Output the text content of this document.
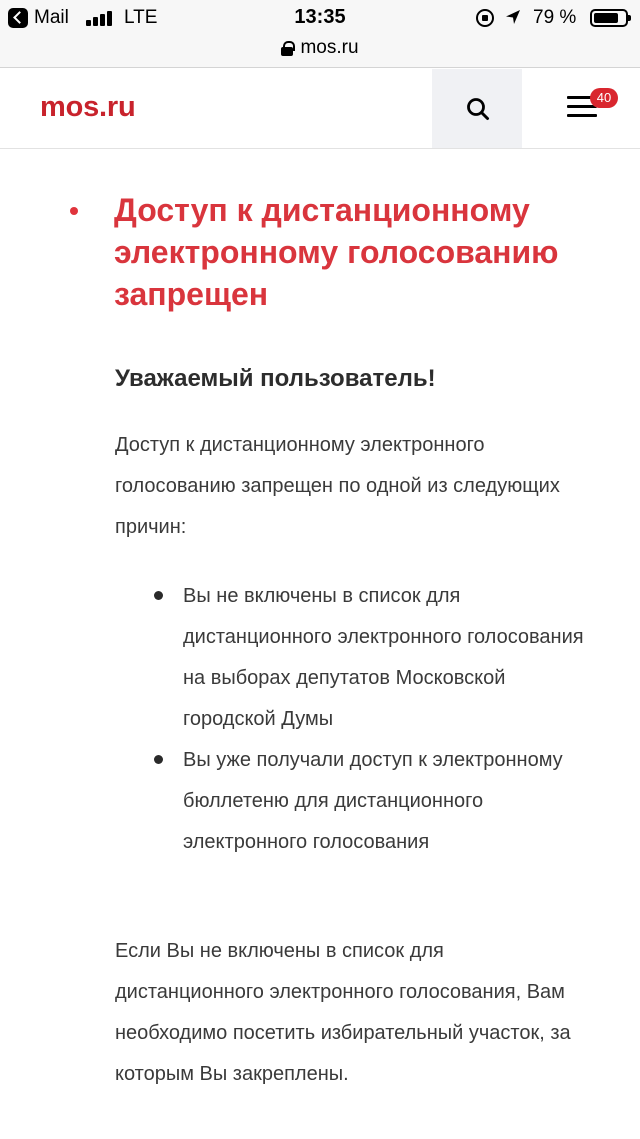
Mail	LTE	13:35	79 %
mos.ru
mos.ru	40
Доступ к дистанционному электронному голосованию запрещен
Уважаемый пользователь!

Доступ к дистанционному электронного голосованию запрещен по одной из следующих причин:

Вы не включены в список для дистанционного электронного голосования на выборах депутатов Московской городской Думы
Вы уже получали доступ к электронному бюллетеню для дистанционного электронного голосования

Если Вы не включены в список для дистанционного электронного голосования, Вам необходимо посетить избирательный участок, за которым Вы закреплены.
